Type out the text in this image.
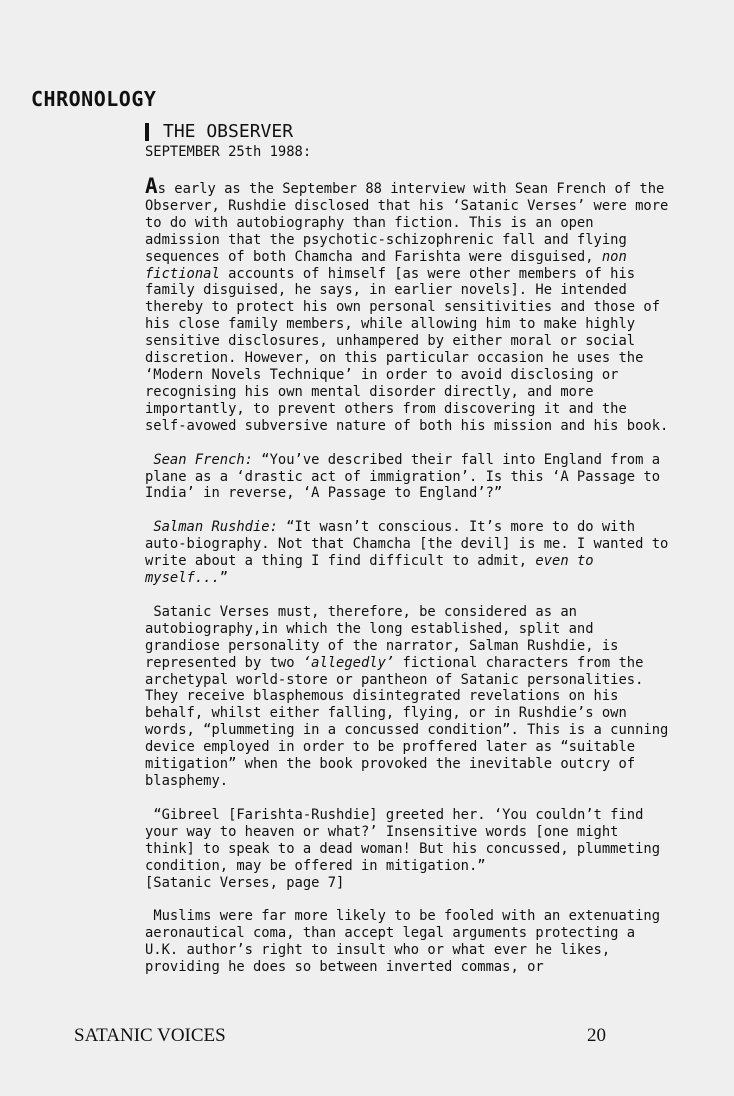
CHRONOLOGY
THE OBSERVER
SEPTEMBER 25th 1988:

As early as the September 88 interview with Sean French of the Observer, Rushdie disclosed that his ‘Satanic Verses’ were more to do with autobiography than fiction. This is an open admission that the psychotic-schizophrenic fall and flying sequences of both Chamcha and Farishta were disguised, non fictional accounts of himself [as were other members of his family disguised, he says, in earlier novels]. He intended thereby to protect his own personal sensitivities and those of his close family members, while allowing him to make highly sensitive disclosures, unhampered by either moral or social discretion. However, on this particular occasion he uses the ‘Modern Novels Technique’ in order to avoid disclosing or recognising his own mental disorder directly, and more importantly, to prevent others from discovering it and the self-avowed subversive nature of both his mission and his book.

Sean French: “You’ve described their fall into England from a plane as a ‘drastic act of immigration’. Is this ‘A Passage to India’ in reverse, ‘A Passage to England’?”

Salman Rushdie: “It wasn’t conscious. It’s more to do with auto-biography. Not that Chamcha [the devil] is me. I wanted to write about a thing I find difficult to admit, even to myself...”

Satanic Verses must, therefore, be considered as an autobiography,in which the long established, split and grandiose personality of the narrator, Salman Rushdie, is represented by two ‘allegedly’ fictional characters from the archetypal world-store or pantheon of Satanic personalities. They receive blasphemous disintegrated revelations on his behalf, whilst either falling, flying, or in Rushdie’s own words, “plummeting in a concussed condition”. This is a cunning device employed in order to be proffered later as “suitable mitigation” when the book provoked the inevitable outcry of blasphemy.

“Gibreel [Farishta-Rushdie] greeted her. ‘You couldn’t find your way to heaven or what?’ Insensitive words [one might think] to speak to a dead woman! But his concussed, plummeting condition, may be offered in mitigation.”
[Satanic Verses, page 7]

Muslims were far more likely to be fooled with an extenuating aeronautical coma, than accept legal arguments protecting a U.K. author’s right to insult who or what ever he likes, providing he does so between inverted commas, or

SATANIC VOICES	20
